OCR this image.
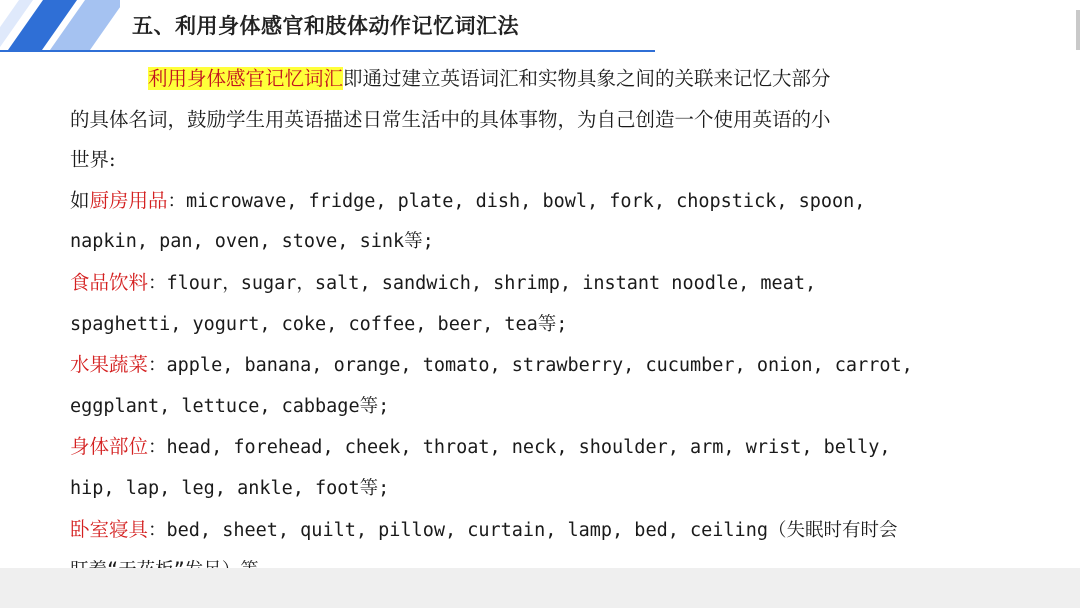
五、利用身体感官和肢体动作记忆词汇法

利用身体感官记忆词汇即通过建立英语词汇和实物具象之间的关联来记忆大部分

的具体名词，鼓励学生用英语描述日常生活中的具体事物，为自己创造一个使用英语的小

世界:

如厨房用品：microwave, fridge, plate, dish, bowl, fork, chopstick, spoon,

napkin, pan, oven, stove, sink等;

食品饮料：flour，sugar，salt, sandwich, shrimp, instant noodle, meat,

spaghetti, yogurt, coke, coffee, beer, tea等;

水果蔬菜：apple, banana, orange, tomato, strawberry, cucumber, onion, carrot,

eggplant, lettuce, cabbage等;

身体部位：head, forehead, cheek, throat, neck, shoulder, arm, wrist, belly,

hip, lap, leg, ankle, foot等;

卧室寝具：bed, sheet, quilt, pillow, curtain, lamp, bed, ceiling（失眠时有时会
